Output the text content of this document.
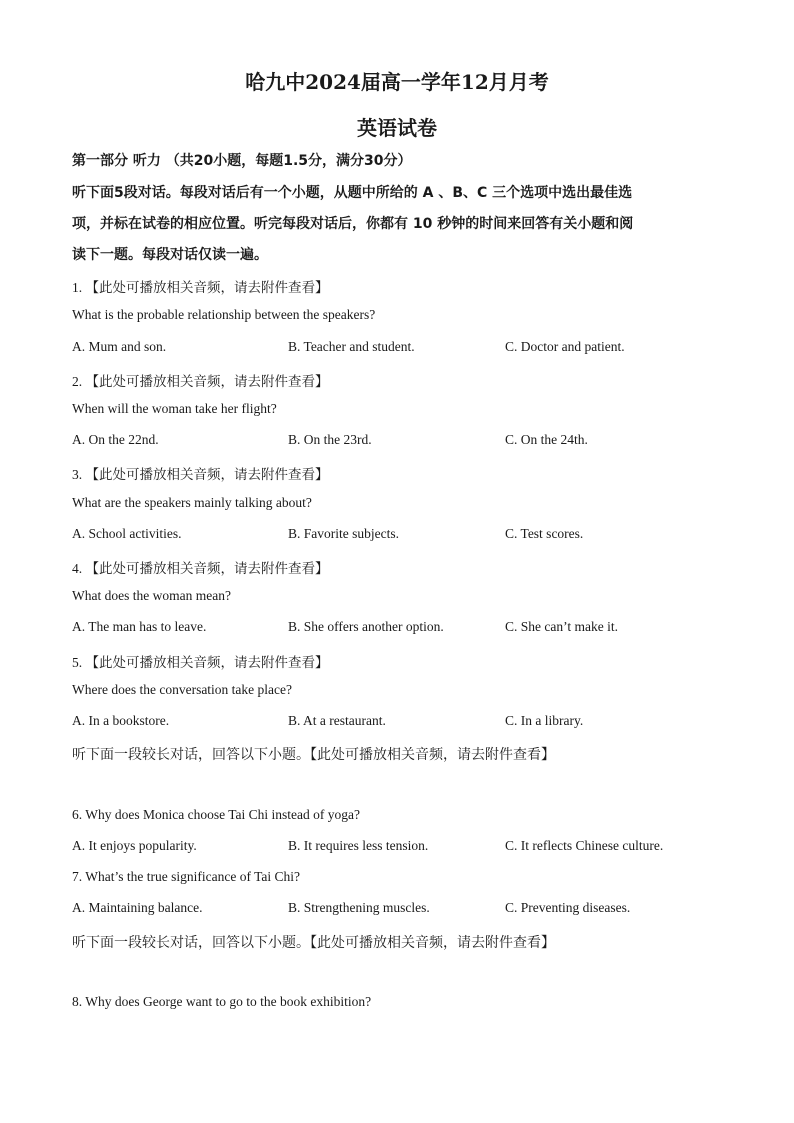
哈九中2024届高一学年12月月考
英语试卷
第一部分 听力 （共20小题，每题1.5分，满分30分）
听下面5段对话。每段对话后有一个小题，从题中所给的 A 、B、C 三个选项中选出最佳选
项，并标在试卷的相应位置。听完每段对话后，你都有 10 秒钟的时间来回答有关小题和阅
读下一题。每段对话仅读一遍。
1. 【此处可播放相关音频，请去附件查看】
What is the probable relationship between the speakers?
A. Mum and son.	B. Teacher and student.	C. Doctor and patient.
2. 【此处可播放相关音频，请去附件查看】
When will the woman take her flight?
A. On the 22nd.	B. On the 23rd.	C. On the 24th.
3. 【此处可播放相关音频，请去附件查看】
What are the speakers mainly talking about?
A. School activities.	B. Favorite subjects.	C. Test scores.
4. 【此处可播放相关音频，请去附件查看】
What does the woman mean?
A. The man has to leave.	B. She offers another option.	C. She can’t make it.
5. 【此处可播放相关音频，请去附件查看】
Where does the conversation take place?
A. In a bookstore.	B. At a restaurant.	C. In a library.
听下面一段较长对话，回答以下小题。【此处可播放相关音频，请去附件查看】
6. Why does Monica choose Tai Chi instead of yoga?
A. It enjoys popularity.	B. It requires less tension.	C. It reflects Chinese culture.
7. What’s the true significance of Tai Chi?
A. Maintaining balance.	B. Strengthening muscles.	C. Preventing diseases.
听下面一段较长对话，回答以下小题。【此处可播放相关音频，请去附件查看】
8. Why does George want to go to the book exhibition?
